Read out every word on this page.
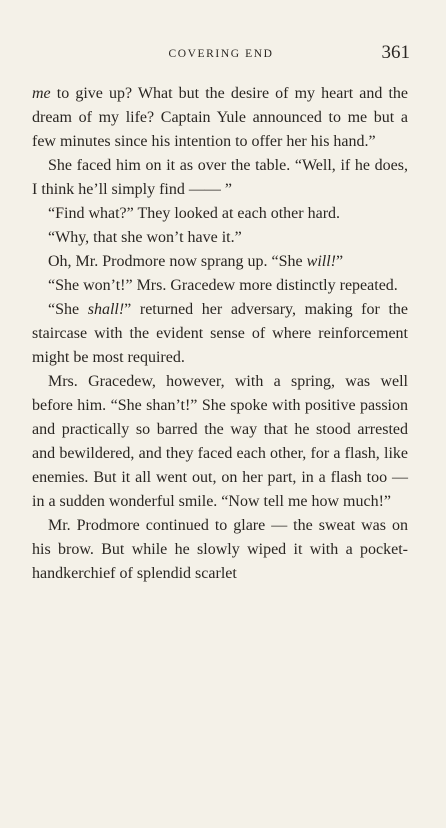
COVERING END	361

me to give up? What but the desire of my heart and the dream of my life? Captain Yule announced to me but a few minutes since his intention to offer her his hand.”

She faced him on it as over the table. “Well, if he does, I think he’ll simply find —— ”

“Find what?” They looked at each other hard.

“Why, that she won’t have it.”

Oh, Mr. Prodmore now sprang up. “She will!”

“She won’t!” Mrs. Gracedew more distinctly repeated.

“She shall!” returned her adversary, making for the staircase with the evident sense of where reinforcement might be most required.

Mrs. Gracedew, however, with a spring, was well before him. “She shan’t!” She spoke with positive passion and practically so barred the way that he stood arrested and bewildered, and they faced each other, for a flash, like enemies. But it all went out, on her part, in a flash too — in a sudden wonderful smile. “Now tell me how much!”

Mr. Prodmore continued to glare — the sweat was on his brow. But while he slowly wiped it with a pocket-handkerchief of splendid scarlet
